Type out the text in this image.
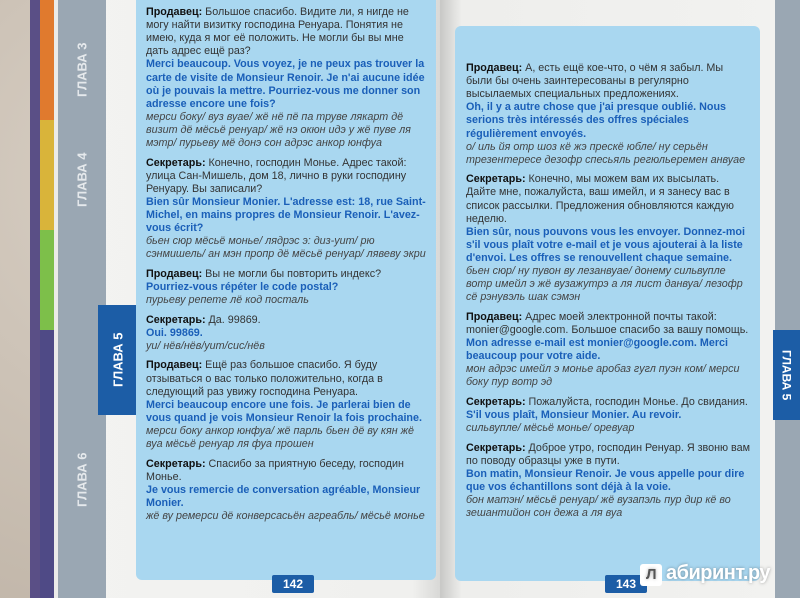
ГЛАВА 3
ГЛАВА 4
ГЛАВА 5
ГЛАВА 6
ГЛАВА 5
Продавец: Большое спасибо. Видите ли, я нигде не могу найти визитку господина Ренуара. Понятия не имею, куда я мог её положить. Не могли бы вы мне дать адрес ещё раз?
Merci beaucoup. Vous voyez, je ne peux pas trouver la carte de visite de Monsieur Renoir. Je n'ai aucune idée où je pouvais la mettre. Pourriez-vous me donner son adresse encore une fois?
мерси боку/ вуз вуае/ жё нё пё па труве лякарт дё визит дё мёсьё ренуар/ жё нэ окюн идэ у жё пуве ля мэтр/ пурьеву мё донэ сон адрэс анкор юнфуа
Секретарь: Конечно, господин Монье. Адрес такой: улица Сан-Мишель, дом 18, лично в руки господину Ренуару. Вы записали?
Bien sûr Monsieur Monier. L'adresse est: 18, rue Saint-Michel, en mains propres de Monsieur Renoir. L'avez-vous écrit?
бьен сюр мёсьё монье/ лядрэс э: диз-уит/ рю сэнмишель/ ан мэн пропр дё мёсьё ренуар/ лявеву экри
Продавец: Вы не могли бы повторить индекс?
Pourriez-vous répéter le code postal?
пурьеву репете лё код посталь
Секретарь: Да. 99869.
Oui. 99869.
уи/ нёв/нёв/уит/сис/нёв
Продавец: Ещё раз большое спасибо. Я буду отзываться о вас только положительно, когда в следующий раз увижу господина Ренуара.
Merci beaucoup encore une fois. Je parlerai bien de vous quand je vois Monsieur Renoir la fois prochaine.
мерси боку анкор юнфуа/ жё парль бьен дё ву кян жё вуа мёсьё ренуар ля фуа прошен
Секретарь: Спасибо за приятную беседу, господин Монье.
Je vous remercie de conversation agréable, Monsieur Monier.
жё ву ремерси дё конверсасьён агреабль/ мёсьё монье
Продавец: А, есть ещё кое-что, о чём я забыл. Мы были бы очень заинтересованы в регулярно высылаемых специальных предложениях.
Oh, il y a autre chose que j'ai presque oublié. Nous serions très intéressés des offres spéciales régulièrement envoyés.
о/ иль йя отр шоз кё жэ прескё юбле/ ну серьён трезентересе дезофр спесьяль регюльеремен анвуае
Секретарь: Конечно, мы можем вам их высылать. Дайте мне, пожалуйста, ваш имейл, и я занесу вас в список рассылки. Предложения обновляются каждую неделю.
Bien sûr, nous pouvons vous les envoyer. Donnez-moi s'il vous plaît votre e-mail et je vous ajouterai à la liste d'envoi. Les offres se renouvellent chaque semaine.
бьен сюр/ ну пувон ву лезанвуае/ донему сильвупле вотр имейл э жё вузажутрэ а ля лист данвуа/ лезофр сё рэнувэль шак сэмэн
Продавец: Адрес моей электронной почты такой: monier@google.com. Большое спасибо за вашу помощь.
Mon adresse e-mail est monier@google.com. Merci beaucoup pour votre aide.
мон адрэс имейл э монье аробаз гугл пуэн ком/ мерси боку пур вотр эд
Секретарь: Пожалуйста, господин Монье. До свидания.
S'il vous plaît, Monsieur Monier. Au revoir.
сильвупле/ мёсьё монье/ оревуар
Секретарь: Доброе утро, господин Ренуар. Я звоню вам по поводу образцы уже в пути.
Bon matin, Monsieur Renoir. Je vous appelle pour dire que vos échantillons sont déjà à la voie.
бон матэн/ мёсьё ренуар/ жё вузапэль пур дир кё во зешантийон сон дежа а ля вуа
142	143
Л абиринт.ру
